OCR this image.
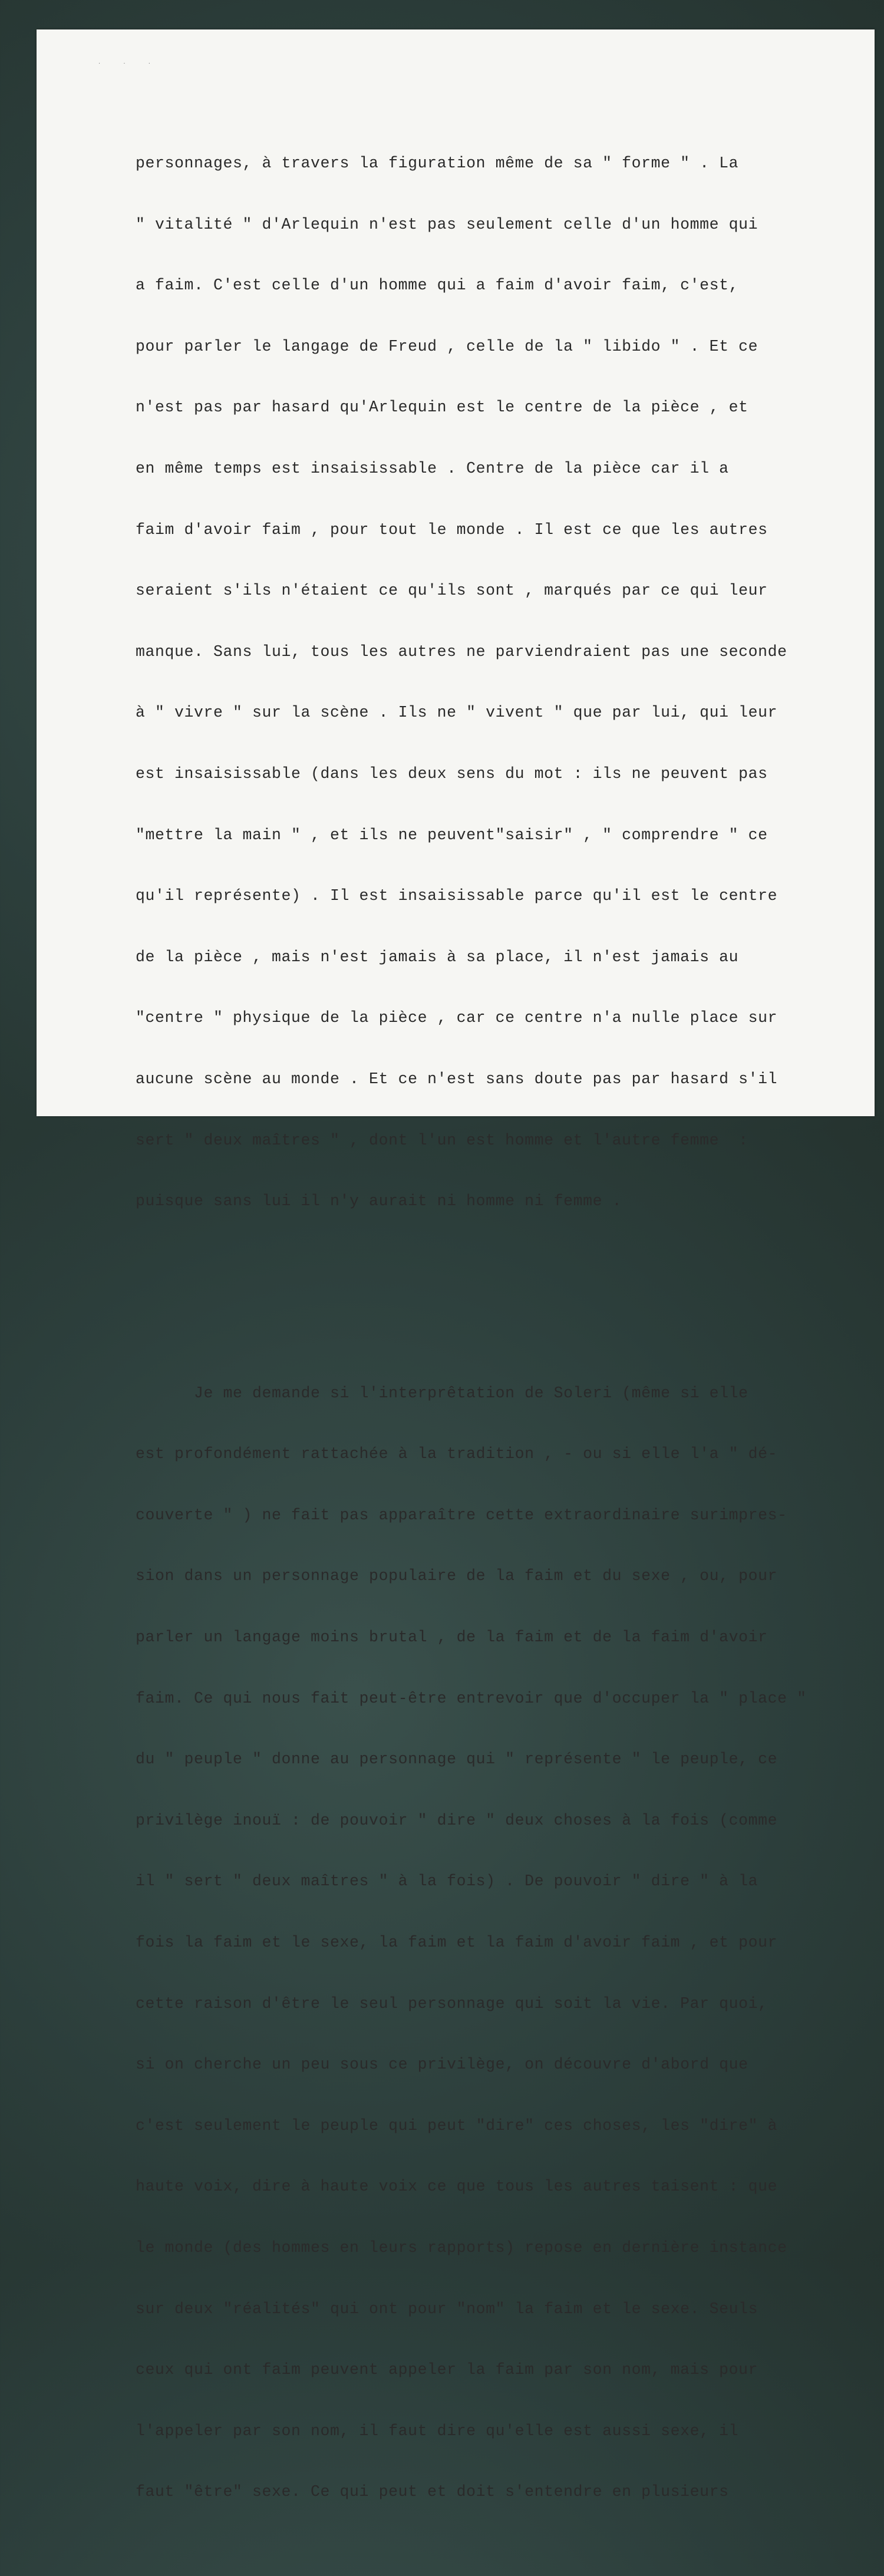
· · ·

personnages, à travers la figuration même de sa " forme " . La

" vitalité " d'Arlequin n'est pas seulement celle d'un homme qui

a faim. C'est celle d'un homme qui a faim d'avoir faim, c'est,

pour parler le langage de Freud , celle de la " libido " . Et ce

n'est pas par hasard qu'Arlequin est le centre de la pièce , et

en même temps est insaisissable . Centre de la pièce car il a

faim d'avoir faim , pour tout le monde . Il est ce que les autres

seraient s'ils n'étaient ce qu'ils sont , marqués par ce qui leur

manque. Sans lui, tous les autres ne parviendraient pas une seconde

à " vivre " sur la scène . Ils ne " vivent " que par lui, qui leur

est insaisissable (dans les deux sens du mot : ils ne peuvent pas

"mettre la main " , et ils ne peuvent"saisir" , " comprendre " ce

qu'il représente) . Il est insaisissable parce qu'il est le centre

de la pièce , mais n'est jamais à sa place, il n'est jamais au

"centre " physique de la pièce , car ce centre n'a nulle place sur

aucune scène au monde . Et ce n'est sans doute pas par hasard s'il

sert " deux maîtres " , dont l'un est homme et l'autre femme  :

puisque sans lui il n'y aurait ni homme ni femme .

Je me demande si l'interprêtation de Soleri (même si elle

est profondément rattachée à la tradition , - ou si elle l'a " dé-

couverte " ) ne fait pas apparaître cette extraordinaire surimpres-

sion dans un personnage populaire de la faim et du sexe , ou, pour

parler un langage moins brutal , de la faim et de la faim d'avoir

faim. Ce qui nous fait peut-être entrevoir que d'occuper la " place "

du " peuple " donne au personnage qui " représente " le peuple, ce

privilège inouï : de pouvoir " dire " deux choses à la fois (comme

il " sert " deux maîtres " à la fois) . De pouvoir " dire " à la

fois la faim et le sexe, la faim et la faim d'avoir faim , et pour

cette raison d'être le seul personnage qui soit la vie. Par quoi,

si on cherche un peu sous ce privilège, on découvre d'abord que

c'est seulement le peuple qui peut "dire" ces choses, les "dire" à

haute voix, dire à haute voix ce que tous les autres taisent : que

le monde (des hommes en leurs rapports) repose en dernière instance

sur deux "réalités" qui ont pour "nom" la faim et le sexe. Seuls

ceux qui ont faim peuvent appeler la faim par son nom, mais pour

l'appeler par son nom, il faut dire qu'elle est aussi sexe, il

faut "être" sexe. Ce qui peut et doit s'entendre en plusieurs
